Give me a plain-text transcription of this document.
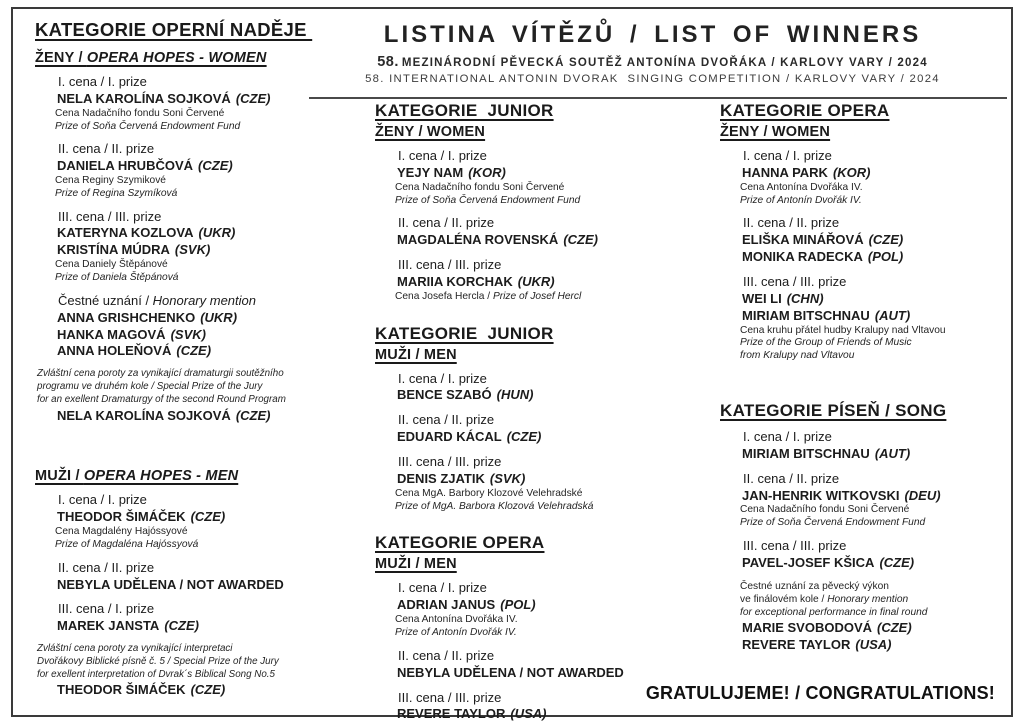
KATEGORIE OPERNÍ NADĚJE
ŽENY / OPERA HOPES - WOMEN
I. cena / I. prize
NELA KAROLÍNA SOJKOVÁ (CZE)
Cena Nadačního fondu Soni Červené
Prize of Soňa Červená Endowment Fund
II. cena / II. prize
DANIELA HRUBČOVÁ (CZE)
Cena Reginy Szymikové
Prize of Regina Szymíková
III. cena / III. prize
KATERYNA KOZLOVA (UKR)
KRISTÍNA MÚDRA (SVK)
Cena Daniely Štěpánové
Prize of Daniela Štěpánová
Čestné uznání / Honorary mention
ANNA GRISHCHENKO (UKR)
HANKA MAGOVÁ (SVK)
ANNA HOLEŇOVÁ (CZE)
Zvláštní cena poroty za vynikající dramaturgii soutěžního
programu ve druhém kole / Special Prize of the Jury
for an exellent Dramaturgy of the second Round Program
NELA KAROLÍNA SOJKOVÁ (CZE)
MUŽI / OPERA HOPES - MEN
I. cena / I. prize
THEODOR ŠIMÁČEK (CZE)
Cena Magdalény Hajóssyové
Prize of Magdaléna Hajóssyová
II. cena / II. prize
NEBYLA UDĚLENA / NOT AWARDED
III. cena / I. prize
MAREK JANSTA (CZE)
Zvláštní cena poroty za vynikající interpretaci
Dvořákovy Biblické písně č. 5 / Special Prize of the Jury
for exellent interpretation of Dvrak´s Biblical Song No.5
THEODOR ŠIMÁČEK (CZE)
LISTINA VÍTĚZŮ / LIST OF WINNERS
58. MEZINÁRODNÍ PĚVECKÁ SOUTĚŽ ANTONÍNA DVOŘÁKA / KARLOVY VARY / 2024
58. INTERNATIONAL ANTONIN DVORAK  SINGING COMPETITION / KARLOVY VARY / 2024
KATEGORIE  JUNIOR
ŽENY / WOMEN
I. cena / I. prize
YEJY NAM (KOR)
Cena Nadačního fondu Soni Červené
Prize of Soňa Červená Endowment Fund
II. cena / II. prize
MAGDALÉNA ROVENSKÁ (CZE)
III. cena / III. prize
MARIIA KORCHAK (UKR)
Cena Josefa Hercla / Prize of Josef Hercl
KATEGORIE  JUNIOR
MUŽI / MEN
I. cena / I. prize
BENCE SZABÓ (HUN)
II. cena / II. prize
EDUARD KÁCAL (CZE)
III. cena / III. prize
DENIS ZJATIK (SVK)
Cena MgA. Barbory Klozové Velehradské
Prize of MgA. Barbora Klozová Velehradská
KATEGORIE OPERA
MUŽI / MEN
I. cena / I. prize
ADRIAN JANUS (POL)
Cena Antonína Dvořáka IV.
Prize of Antonín Dvořák IV.
II. cena / II. prize
NEBYLA UDĚLENA / NOT AWARDED
III. cena / III. prize
REVERE TAYLOR (USA)
KATEGORIE OPERA
ŽENY / WOMEN
I. cena / I. prize
HANNA PARK (KOR)
Cena Antonína Dvořáka IV.
Prize of Antonín Dvořák IV.
II. cena / II. prize
ELIŠKA MINÁŘOVÁ (CZE)
MONIKA RADECKA (POL)
III. cena / III. prize
WEI LI (CHN)
MIRIAM BITSCHNAU (AUT)
Cena kruhu přátel hudby Kralupy nad Vltavou
Prize of the Group of Friends of Music
from Kralupy nad Vltavou
KATEGORIE PÍSEŇ / SONG
I. cena / I. prize
MIRIAM BITSCHNAU (AUT)
II. cena / II. prize
JAN-HENRIK WITKOVSKI (DEU)
Cena Nadačního fondu Soni Červené
Prize of Soňa Červená Endowment Fund
III. cena / III. prize
PAVEL-JOSEF KŠICA (CZE)
Čestné uznání za pěvecký výkon
ve finálovém kole / Honorary mention
for exceptional performance in final round
MARIE SVOBODOVÁ (CZE)
REVERE TAYLOR (USA)
GRATULUJEME! / CONGRATULATIONS!
